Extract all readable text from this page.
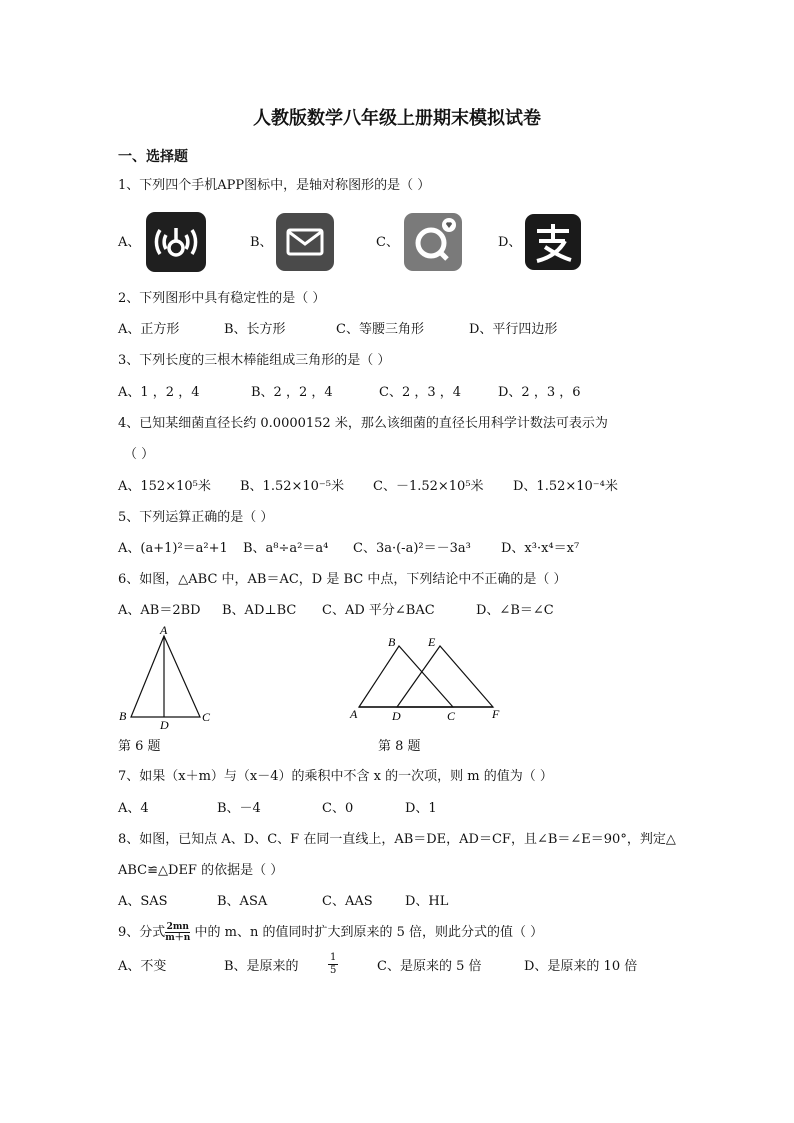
人教版数学八年级上册期末模拟试卷
一、选择题
1、下列四个手机APP图标中，是轴对称图形的是（ ）
A、	B、	C、	D、
2、下列图形中具有稳定性的是（ ）
A、正方形	B、长方形	C、等腰三角形	D、平行四边形
3、下列长度的三根木棒能组成三角形的是（ ）
A、1 ，2 ，4	B、2 ，2 ，4	C、2 ，3 ，4	D、2 ，3 ，6
4、已知某细菌直径长约 0.0000152 米，那么该细菌的直径长用科学计数法可表示为
（ ）
A、152×10⁵米 B、1.52×10⁻⁵米 C、－1.52×10⁵米 D、1.52×10⁻⁴米
5、下列运算正确的是（ ）
A、(a+1)²＝a²+1 B、a⁸÷a²＝a⁴ C、3a·(-a)²＝－3a³ D、x³·x⁴＝x⁷
6、如图，△ABC 中，AB＝AC，D 是 BC 中点，下列结论中不正确的是（ ）
A、AB＝2BD B、AD⊥BC C、AD 平分∠BAC	D、∠B＝∠C
A
B
D
C
第 6 题
B	E
A	D	C	F
第 8 题
7、如果（x＋m）与（x－4）的乘积中不含 x 的一次项，则 m 的值为（ ）
A、4	B、－4	C、0	D、1
8、如图，已知点 A、D、C、F 在同一直线上，AB＝DE，AD＝CF，且∠B＝∠E＝90°，判定△
ABC≌△DEF 的依据是（ ）
A、SAS	B、ASA	C、AAS D、HL
9、分式 $\frac{2mn}{m+n}$ 中的 m、n 的值同时扩大到原来的 5 倍，则此分式的值（ ）
A、不变	B、是原来的	$\frac{1}{5}$	C、是原来的 5 倍	D、是原来的 10 倍
